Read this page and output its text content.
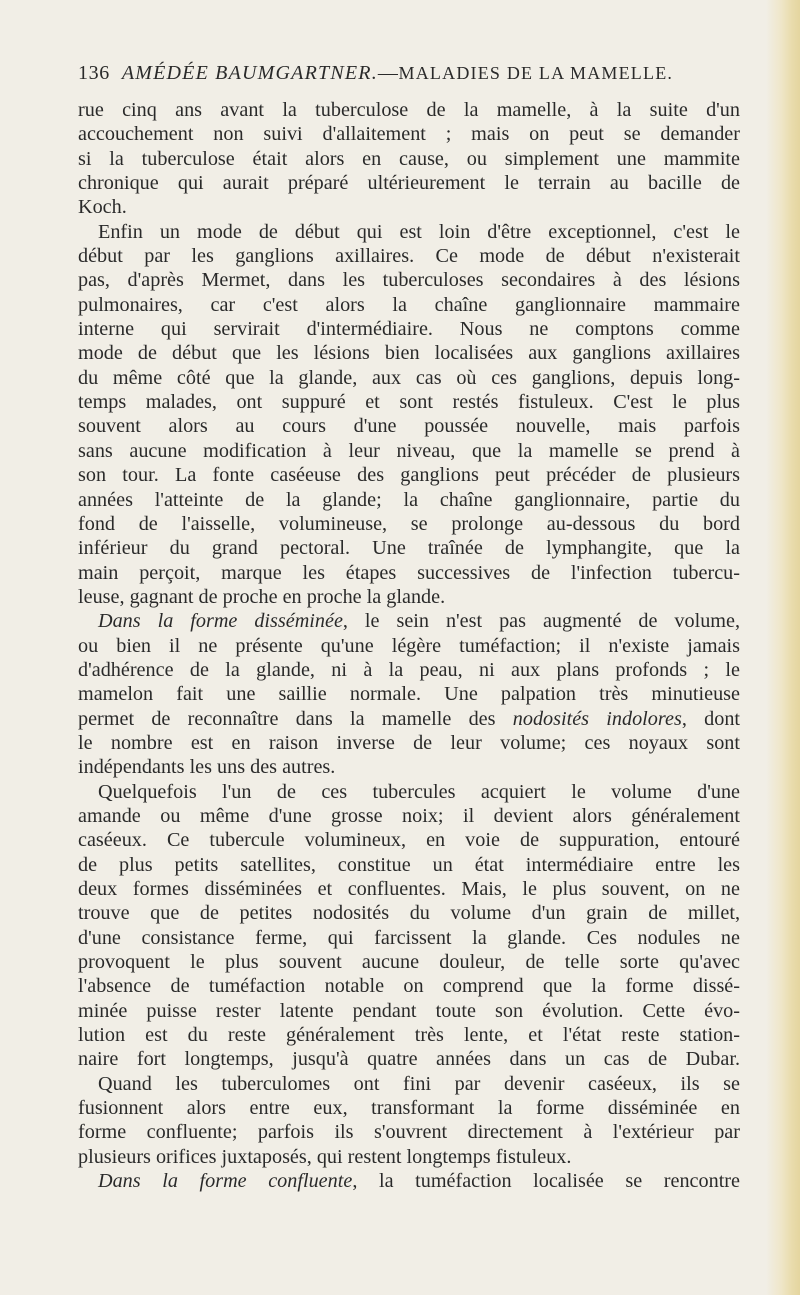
136 AMÉDÉE BAUMGARTNER.—MALADIES DE LA MAMELLE.
rue cinq ans avant la tuberculose de la mamelle, à la suite d'un
accouchement non suivi d'allaitement ; mais on peut se demander
si la tuberculose était alors en cause, ou simplement une mammite
chronique qui aurait préparé ultérieurement le terrain au bacille de
Koch.
Enfin un mode de début qui est loin d'être exceptionnel, c'est le
début par les ganglions axillaires. Ce mode de début n'existerait
pas, d'après Mermet, dans les tuberculoses secondaires à des lésions
pulmonaires, car c'est alors la chaîne ganglionnaire mammaire
interne qui servirait d'intermédiaire. Nous ne comptons comme
mode de début que les lésions bien localisées aux ganglions axillaires
du même côté que la glande, aux cas où ces ganglions, depuis long-
temps malades, ont suppuré et sont restés fistuleux. C'est le plus
souvent alors au cours d'une poussée nouvelle, mais parfois
sans aucune modification à leur niveau, que la mamelle se prend à
son tour. La fonte caséeuse des ganglions peut précéder de plusieurs
années l'atteinte de la glande; la chaîne ganglionnaire, partie du
fond de l'aisselle, volumineuse, se prolonge au-dessous du bord
inférieur du grand pectoral. Une traînée de lymphangite, que la
main perçoit, marque les étapes successives de l'infection tubercu-
leuse, gagnant de proche en proche la glande.
Dans la forme disséminée, le sein n'est pas augmenté de volume,
ou bien il ne présente qu'une légère tuméfaction; il n'existe jamais
d'adhérence de la glande, ni à la peau, ni aux plans profonds ; le
mamelon fait une saillie normale. Une palpation très minutieuse
permet de reconnaître dans la mamelle des nodosités indolores, dont
le nombre est en raison inverse de leur volume; ces noyaux sont
indépendants les uns des autres.
Quelquefois l'un de ces tubercules acquiert le volume d'une
amande ou même d'une grosse noix; il devient alors généralement
caséeux. Ce tubercule volumineux, en voie de suppuration, entouré
de plus petits satellites, constitue un état intermédiaire entre les
deux formes disséminées et confluentes. Mais, le plus souvent, on ne
trouve que de petites nodosités du volume d'un grain de millet,
d'une consistance ferme, qui farcissent la glande. Ces nodules ne
provoquent le plus souvent aucune douleur, de telle sorte qu'avec
l'absence de tuméfaction notable on comprend que la forme dissé-
minée puisse rester latente pendant toute son évolution. Cette évo-
lution est du reste généralement très lente, et l'état reste station-
naire fort longtemps, jusqu'à quatre années dans un cas de Dubar.
Quand les tuberculomes ont fini par devenir caséeux, ils se
fusionnent alors entre eux, transformant la forme disséminée en
forme confluente; parfois ils s'ouvrent directement à l'extérieur par
plusieurs orifices juxtaposés, qui restent longtemps fistuleux.
Dans la forme confluente, la tuméfaction localisée se rencontre
